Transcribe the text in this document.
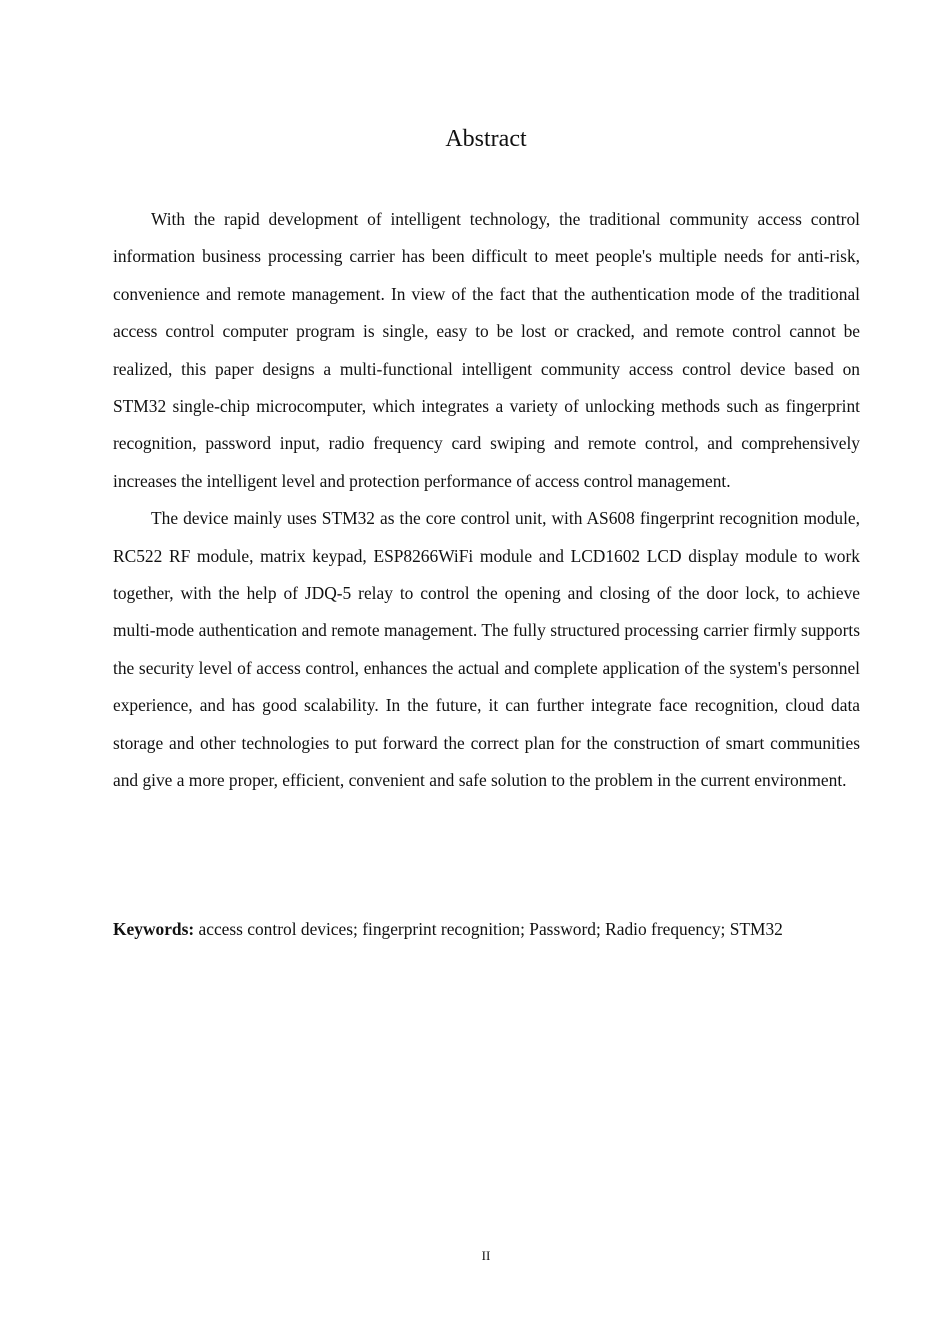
Abstract

With the rapid development of intelligent technology, the traditional community access control information business processing carrier has been difficult to meet people's multiple needs for anti-risk, convenience and remote management. In view of the fact that the authentication mode of the traditional access control computer program is single, easy to be lost or cracked, and remote control cannot be realized, this paper designs a multi-functional intelligent community access control device based on STM32 single-chip microcomputer, which integrates a variety of unlocking methods such as fingerprint recognition, password input, radio frequency card swiping and remote control, and comprehensively increases the intelligent level and protection performance of access control management.

The device mainly uses STM32 as the core control unit, with AS608 fingerprint recognition module, RC522 RF module, matrix keypad, ESP8266WiFi module and LCD1602 LCD display module to work together, with the help of JDQ-5 relay to control the opening and closing of the door lock, to achieve multi-mode authentication and remote management. The fully structured processing carrier firmly supports the security level of access control, enhances the actual and complete application of the system's personnel experience, and has good scalability. In the future, it can further integrate face recognition, cloud data storage and other technologies to put forward the correct plan for the construction of smart communities and give a more proper, efficient, convenient and safe solution to the problem in the current environment.

Keywords: access control devices; fingerprint recognition; Password; Radio frequency; STM32

II
